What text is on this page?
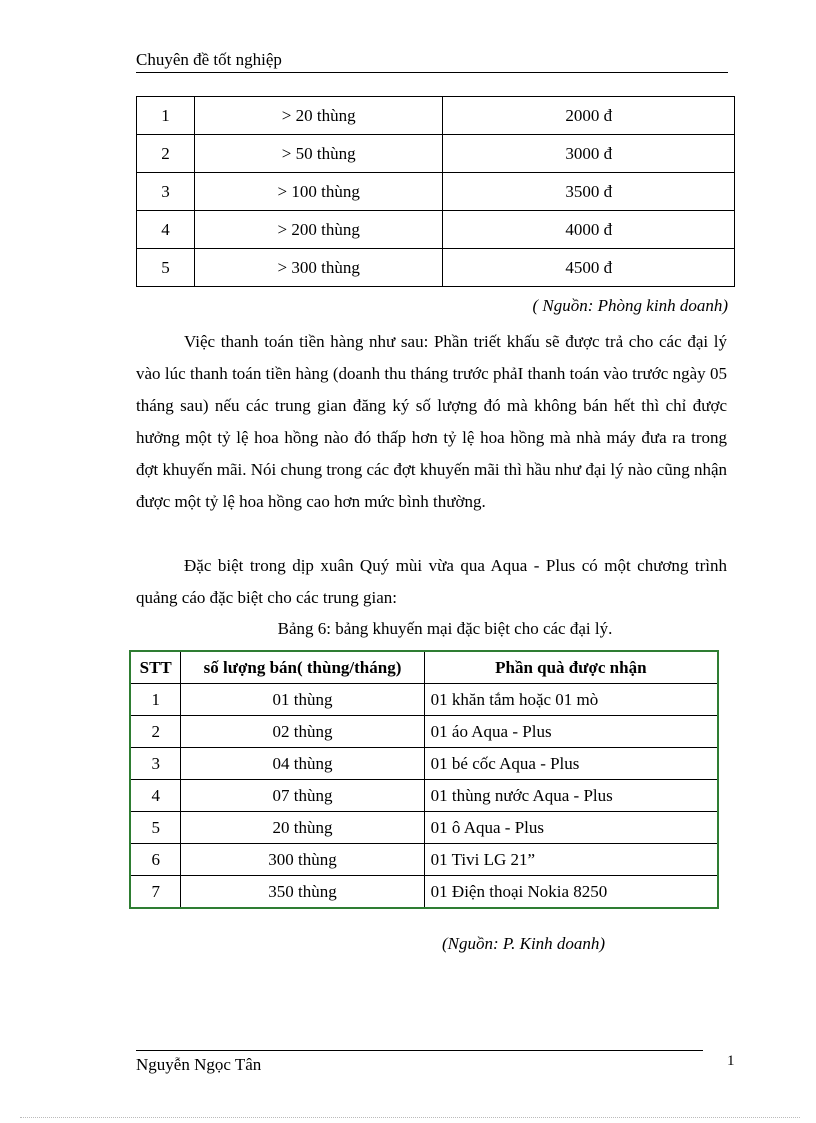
Chuyên đề tốt nghiệp
1	> 20 thùng	2000 đ
2	> 50 thùng	3000 đ
3	> 100 thùng	3500 đ
4	> 200 thùng	4000 đ
5	> 300 thùng	4500 đ
( Nguồn: Phòng kinh doanh)

Việc thanh toán tiền hàng như sau: Phần triết khấu sẽ được trả cho các đại lý vào lúc thanh toán tiền hàng (doanh thu tháng trước phảI thanh toán vào trước ngày 05 tháng sau) nếu các trung gian đăng ký số lượng đó mà không bán hết thì chỉ được hưởng một tỷ lệ hoa hồng nào đó thấp hơn tỷ lệ hoa hồng mà nhà máy đưa ra trong đợt khuyến mãi. Nói chung trong các đợt khuyến mãi thì hầu như đại lý nào cũng nhận được một tỷ lệ hoa hồng cao hơn mức bình thường.

Đặc biệt trong dịp xuân Quý mùi vừa qua Aqua - Plus có một chương trình quảng cáo đặc biệt cho các trung gian:

Bảng 6: bảng khuyến mại đặc biệt cho các đại lý.
STT	số lượng bán( thùng/tháng)	Phần quà được nhận
1	01 thùng	01 khăn tắm hoặc 01 mò
2	02 thùng	01 áo Aqua - Plus
3	04 thùng	01 bé cốc Aqua - Plus
4	07 thùng	01 thùng nước Aqua - Plus
5	20 thùng	01 ô Aqua - Plus
6	300 thùng	01 Tivi LG 21”
7	350 thùng	01 Điện thoại Nokia 8250
(Nguồn: P. Kinh doanh)
Nguyễn Ngọc Tân	1
